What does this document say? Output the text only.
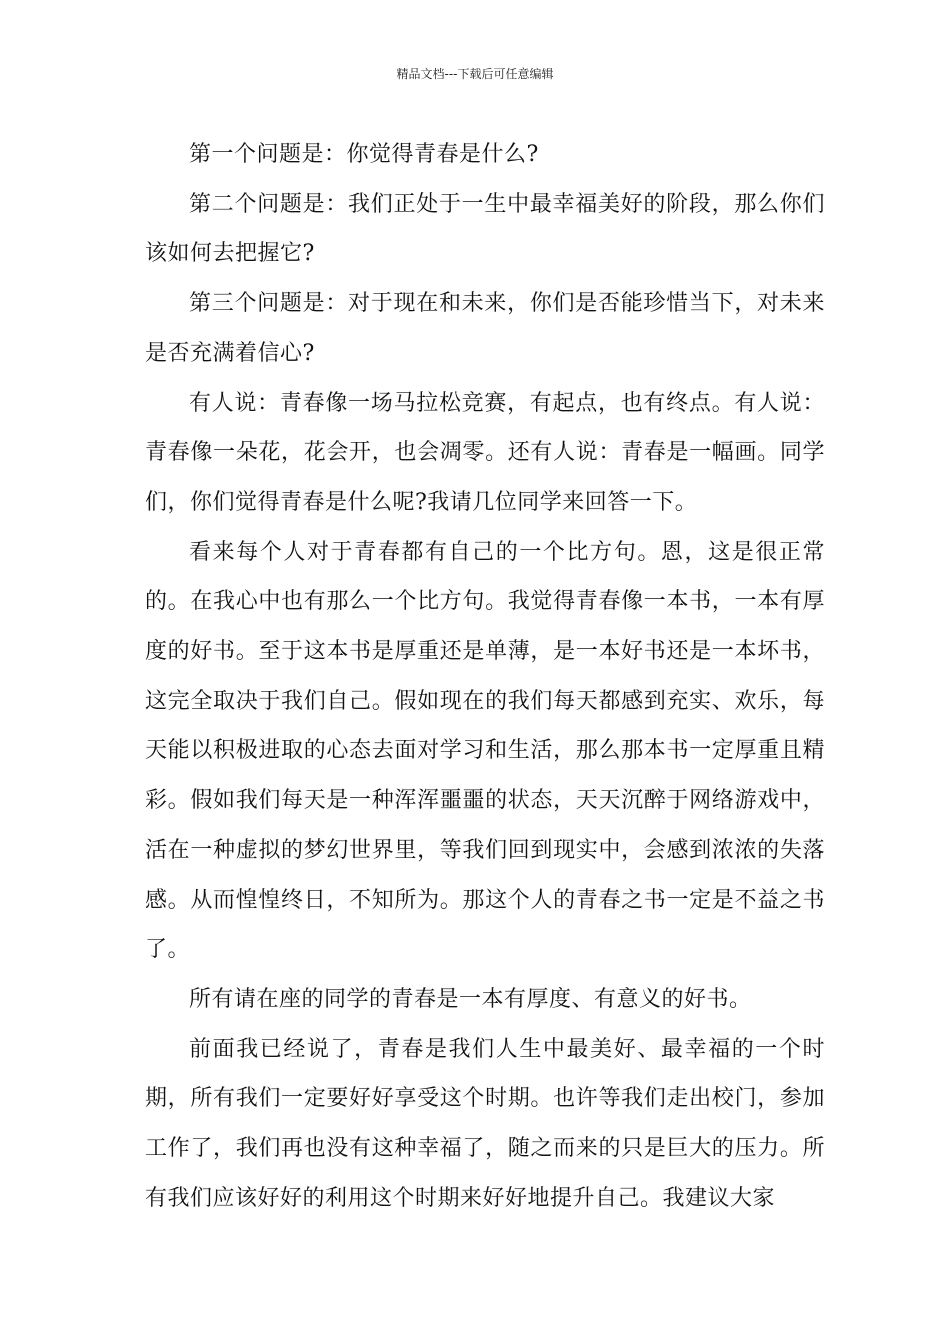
精品文档---下载后可任意编辑

第一个问题是：你觉得青春是什么?

第二个问题是：我们正处于一生中最幸福美好的阶段，那么你们该如何去把握它?

第三个问题是：对于现在和未来，你们是否能珍惜当下，对未来是否充满着信心?

有人说：青春像一场马拉松竞赛，有起点，也有终点。有人说：青春像一朵花，花会开，也会凋零。还有人说：青春是一幅画。同学们，你们觉得青春是什么呢?我请几位同学来回答一下。

看来每个人对于青春都有自己的一个比方句。恩，这是很正常的。在我心中也有那么一个比方句。我觉得青春像一本书，一本有厚度的好书。至于这本书是厚重还是单薄，是一本好书还是一本坏书，这完全取决于我们自己。假如现在的我们每天都感到充实、欢乐，每天能以积极进取的心态去面对学习和生活，那么那本书一定厚重且精彩。假如我们每天是一种浑浑噩噩的状态，天天沉醉于网络游戏中，活在一种虚拟的梦幻世界里，等我们回到现实中，会感到浓浓的失落感。从而惶惶终日，不知所为。那这个人的青春之书一定是不益之书了。

所有请在座的同学的青春是一本有厚度、有意义的好书。

前面我已经说了，青春是我们人生中最美好、最幸福的一个时期，所有我们一定要好好享受这个时期。也许等我们走出校门，参加工作了，我们再也没有这种幸福了，随之而来的只是巨大的压力。所有我们应该好好的利用这个时期来好好地提升自己。我建议大家
